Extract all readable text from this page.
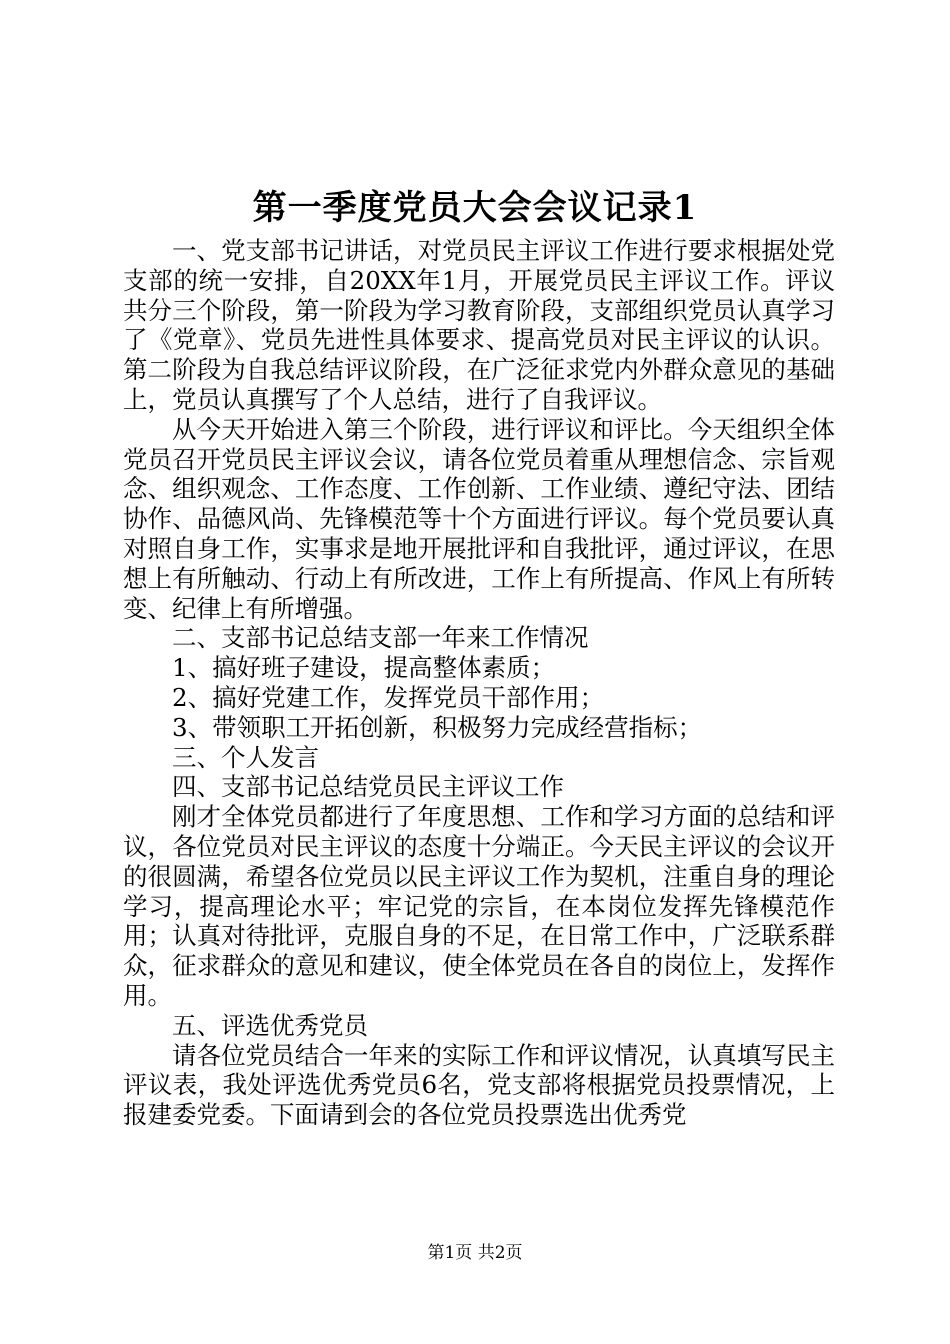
第一季度党员大会会议记录1

一、党支部书记讲话，对党员民主评议工作进行要求根据处党支部的统一安排，自20XX年1月，开展党员民主评议工作。评议共分三个阶段，第一阶段为学习教育阶段，支部组织党员认真学习了《党章》、党员先进性具体要求、提高党员对民主评议的认识。第二阶段为自我总结评议阶段，在广泛征求党内外群众意见的基础上，党员认真撰写了个人总结，进行了自我评议。

从今天开始进入第三个阶段，进行评议和评比。今天组织全体党员召开党员民主评议会议，请各位党员着重从理想信念、宗旨观念、组织观念、工作态度、工作创新、工作业绩、遵纪守法、团结协作、品德风尚、先锋模范等十个方面进行评议。每个党员要认真对照自身工作，实事求是地开展批评和自我批评，通过评议，在思想上有所触动、行动上有所改进，工作上有所提高、作风上有所转变、纪律上有所增强。

二、支部书记总结支部一年来工作情况

1、搞好班子建设，提高整体素质；

2、搞好党建工作，发挥党员干部作用；

3、带领职工开拓创新，积极努力完成经营指标；

三、个人发言

四、支部书记总结党员民主评议工作

刚才全体党员都进行了年度思想、工作和学习方面的总结和评议，各位党员对民主评议的态度十分端正。今天民主评议的会议开的很圆满，希望各位党员以民主评议工作为契机，注重自身的理论学习，提高理论水平；牢记党的宗旨，在本岗位发挥先锋模范作用；认真对待批评，克服自身的不足，在日常工作中，广泛联系群众，征求群众的意见和建议，使全体党员在各自的岗位上，发挥作用。

五、评选优秀党员

请各位党员结合一年来的实际工作和评议情况，认真填写民主评议表，我处评选优秀党员6名，党支部将根据党员投票情况，上报建委党委。下面请到会的各位党员投票选出优秀党

第1页 共2页
